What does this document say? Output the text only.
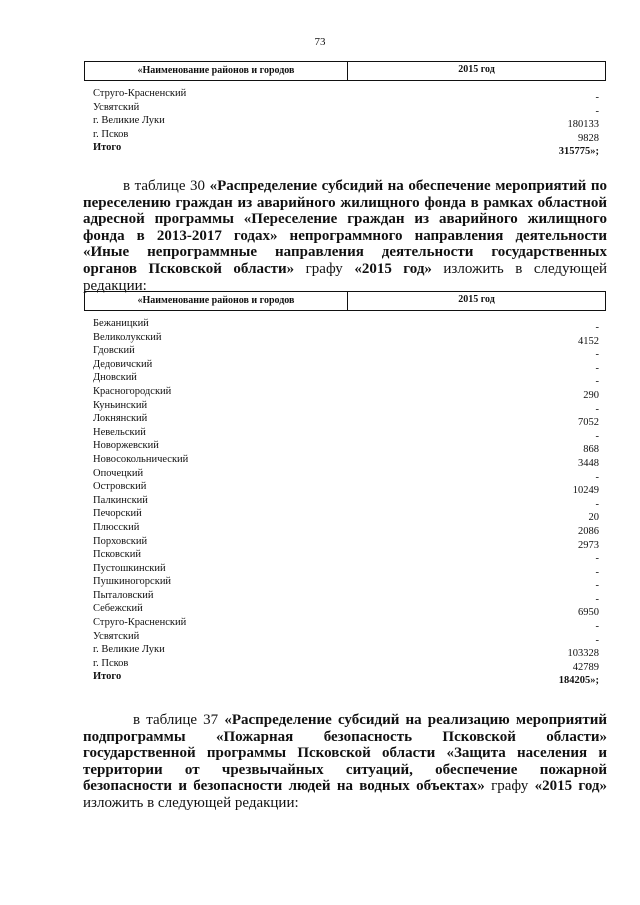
73
«Наименование районов и городов	2015 год
Струго-Красненский	-
Усвятский	-
г. Великие Луки	180133
г. Псков	9828
Итого	315775»;
в таблице 30 «Распределение субсидий на обеспечение мероприятий по переселению граждан из аварийного жилищного фонда в рамках областной адресной программы «Переселение граждан из аварийного жилищного фонда в 2013-2017 годах» непрограммного направления деятельности «Иные непрограммные направления деятельности государственных органов Псковской области» графу «2015 год» изложить в следующей редакции:
«Наименование районов и городов	2015 год
Бежаницкий	-
Великолукский	4152
Гдовский	-
Дедовичский	-
Дновский	-
Красногородский	290
Куньинский	-
Локнянский	7052
Невельский	-
Новоржевский	868
Новосокольнический	3448
Опочецкий	-
Островский	10249
Палкинский	-
Печорский	20
Плюсский	2086
Порховский	2973
Псковский	-
Пустошкинский	-
Пушкиногорский	-
Пыталовский	-
Себежский	6950
Струго-Красненский	-
Усвятский	-
г. Великие Луки	103328
г. Псков	42789
Итого	184205»;
в таблице 37 «Распределение субсидий на реализацию мероприятий подпрограммы «Пожарная безопасность Псковской области» государственной программы Псковской области «Защита населения и территории от чрезвычайных ситуаций, обеспечение пожарной безопасности и безопасности людей на водных объектах» графу «2015 год» изложить в следующей редакции:
